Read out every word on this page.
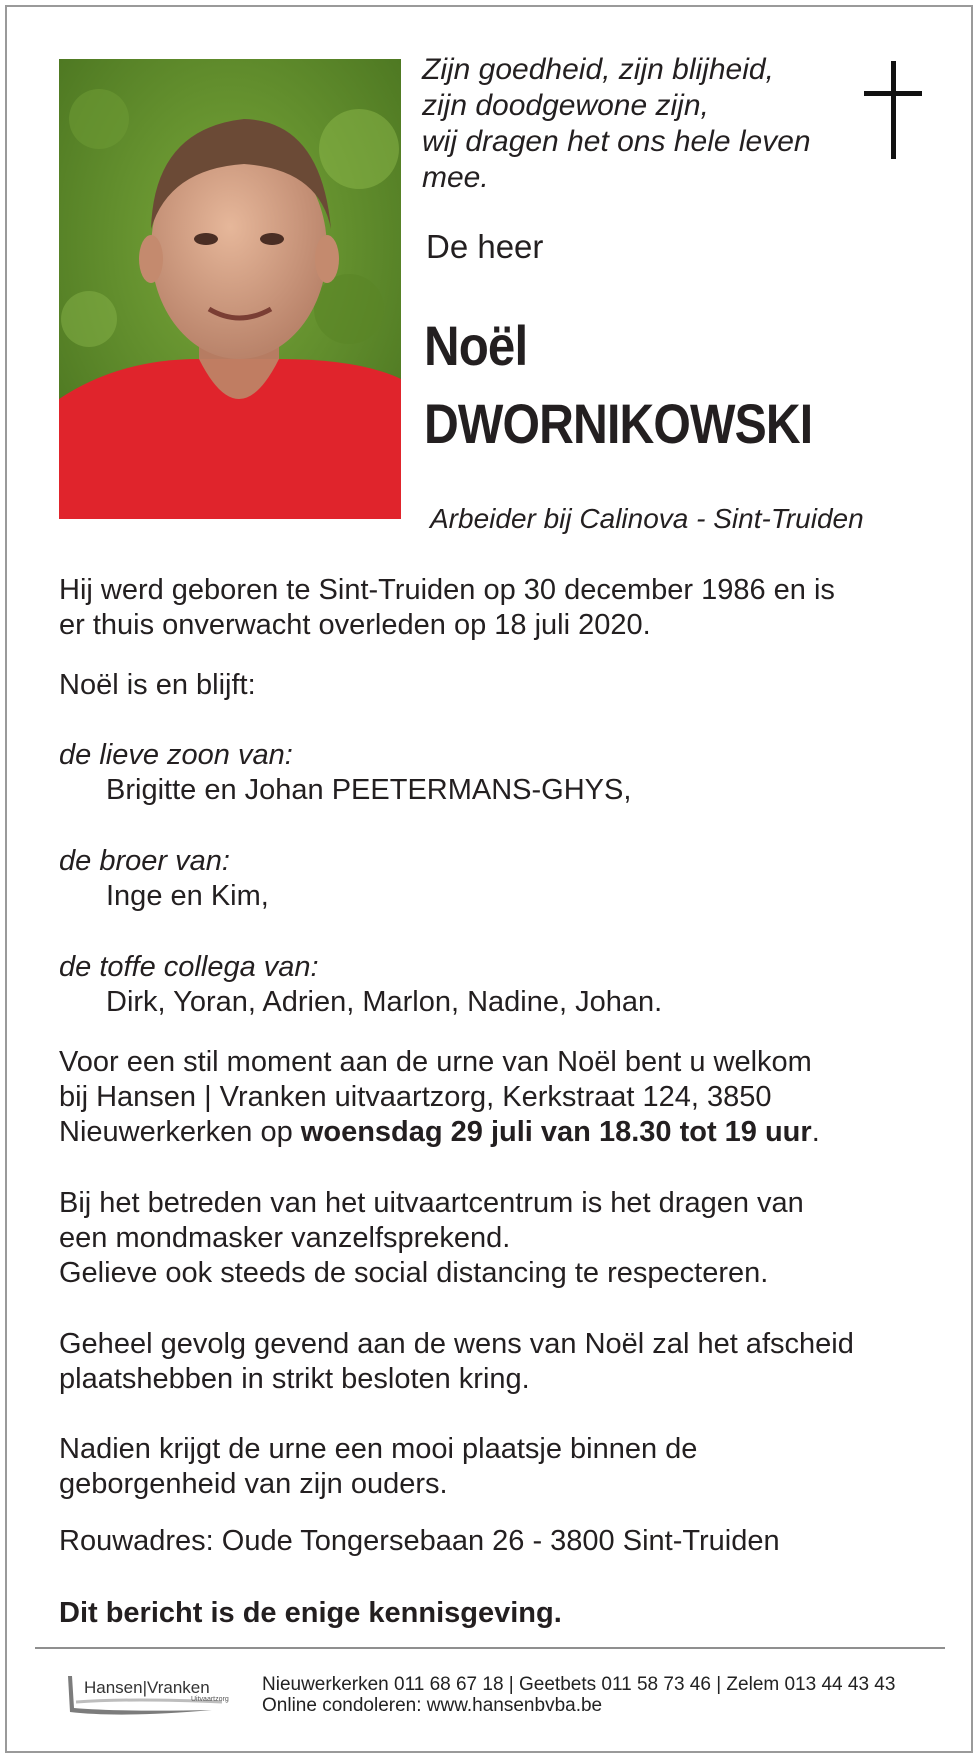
Zijn goedheid, zijn blijheid,
zijn doodgewone zijn,
wij dragen het ons hele leven
mee.
De heer
Noël
DWORNIKOWSKI
Arbeider bij Calinova - Sint-Truiden
Hij werd geboren te Sint-Truiden op 30 december 1986 en is
er thuis onverwacht overleden op 18 juli 2020.
Noël is en blijft:
de lieve zoon van:
Brigitte en Johan PEETERMANS-GHYS,
de broer van:
Inge en Kim,
de toffe collega van:
Dirk, Yoran, Adrien, Marlon, Nadine, Johan.
Voor een stil moment aan de urne van Noël bent u welkom
bij Hansen | Vranken uitvaartzorg, Kerkstraat 124, 3850
Nieuwerkerken op woensdag 29 juli van 18.30 tot 19 uur.
Bij het betreden van het uitvaartcentrum is het dragen van
een mondmasker vanzelfsprekend.
Gelieve ook steeds de social distancing te respecteren.
Geheel gevolg gevend aan de wens van Noël zal het afscheid
plaatshebben in strikt besloten kring.
Nadien krijgt de urne een mooi plaatsje binnen de
geborgenheid van zijn ouders.
Rouwadres: Oude Tongersebaan 26 - 3800 Sint-Truiden
Dit bericht is de enige kennisgeving.
Hansen|Vranken
Uitvaartzorg
Nieuwerkerken 011 68 67 18 | Geetbets 011 58 73 46 | Zelem 013 44 43 43
Online condoleren: www.hansenbvba.be
